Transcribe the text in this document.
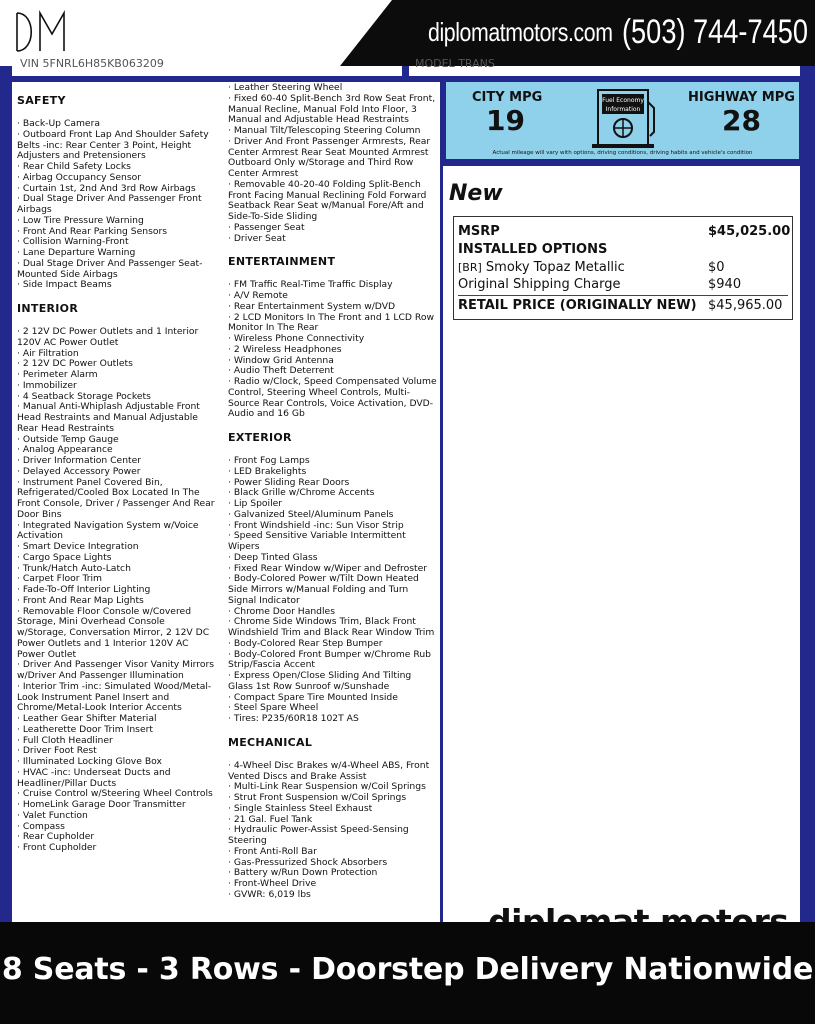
diplomatmotors.com (503) 744-7450
VIN 5FNRL6H85KB063209	MODEL TRANS
SAFETY
· Back-Up Camera
· Outboard Front Lap And Shoulder Safety Belts -inc: Rear Center 3 Point, Height Adjusters and Pretensioners
· Rear Child Safety Locks
· Airbag Occupancy Sensor
· Curtain 1st, 2nd And 3rd Row Airbags
· Dual Stage Driver And Passenger Front Airbags
· Low Tire Pressure Warning
· Front And Rear Parking Sensors
· Collision Warning-Front
· Lane Departure Warning
· Dual Stage Driver And Passenger Seat-Mounted Side Airbags
· Side Impact Beams
INTERIOR
· 2 12V DC Power Outlets and 1 Interior 120V AC Power Outlet
· Air Filtration
· 2 12V DC Power Outlets
· Perimeter Alarm
· Immobilizer
· 4 Seatback Storage Pockets
· Manual Anti-Whiplash Adjustable Front Head Restraints and Manual Adjustable Rear Head Restraints
· Outside Temp Gauge
· Analog Appearance
· Driver Information Center
· Delayed Accessory Power
· Instrument Panel Covered Bin, Refrigerated/Cooled Box Located In The Front Console, Driver / Passenger And Rear Door Bins
· Integrated Navigation System w/Voice Activation
· Smart Device Integration
· Cargo Space Lights
· Trunk/Hatch Auto-Latch
· Carpet Floor Trim
· Fade-To-Off Interior Lighting
· Front And Rear Map Lights
· Removable Floor Console w/Covered Storage, Mini Overhead Console w/Storage, Conversation Mirror, 2 12V DC Power Outlets and 1 Interior 120V AC Power Outlet
· Driver And Passenger Visor Vanity Mirrors w/Driver And Passenger Illumination
· Interior Trim -inc: Simulated Wood/Metal-Look Instrument Panel Insert and Chrome/Metal-Look Interior Accents
· Leather Gear Shifter Material
· Leatherette Door Trim Insert
· Full Cloth Headliner
· Driver Foot Rest
· Illuminated Locking Glove Box
· HVAC -inc: Underseat Ducts and Headliner/Pillar Ducts
· Cruise Control w/Steering Wheel Controls
· HomeLink Garage Door Transmitter
· Valet Function
· Compass
· Rear Cupholder
· Front Cupholder
· Leather Steering Wheel
· Fixed 60-40 Split-Bench 3rd Row Seat Front, Manual Recline, Manual Fold Into Floor, 3 Manual and Adjustable Head Restraints
· Manual Tilt/Telescoping Steering Column
· Driver And Front Passenger Armrests, Rear Center Armrest Rear Seat Mounted Armrest Outboard Only w/Storage and Third Row Center Armrest
· Removable 40-20-40 Folding Split-Bench Front Facing Manual Reclining Fold Forward Seatback Rear Seat w/Manual Fore/Aft and Side-To-Side Sliding
· Passenger Seat
· Driver Seat
ENTERTAINMENT
· FM Traffic Real-Time Traffic Display
· A/V Remote
· Rear Entertainment System w/DVD
· 2 LCD Monitors In The Front and 1 LCD Row Monitor In The Rear
· Wireless Phone Connectivity
· 2 Wireless Headphones
· Window Grid Antenna
· Audio Theft Deterrent
· Radio w/Clock, Speed Compensated Volume Control, Steering Wheel Controls, Multi-Source Rear Controls, Voice Activation, DVD-Audio and 16 Gb
EXTERIOR
· Front Fog Lamps
· LED Brakelights
· Power Sliding Rear Doors
· Black Grille w/Chrome Accents
· Lip Spoiler
· Galvanized Steel/Aluminum Panels
· Front Windshield -inc: Sun Visor Strip
· Speed Sensitive Variable Intermittent Wipers
· Deep Tinted Glass
· Fixed Rear Window w/Wiper and Defroster
· Body-Colored Power w/Tilt Down Heated Side Mirrors w/Manual Folding and Turn Signal Indicator
· Chrome Door Handles
· Chrome Side Windows Trim, Black Front Windshield Trim and Black Rear Window Trim
· Body-Colored Rear Step Bumper
· Body-Colored Front Bumper w/Chrome Rub Strip/Fascia Accent
· Express Open/Close Sliding And Tilting Glass 1st Row Sunroof w/Sunshade
· Compact Spare Tire Mounted Inside
· Steel Spare Wheel
· Tires: P235/60R18 102T AS
MECHANICAL
· 4-Wheel Disc Brakes w/4-Wheel ABS, Front Vented Discs and Brake Assist
· Multi-Link Rear Suspension w/Coil Springs
· Strut Front Suspension w/Coil Springs
· Single Stainless Steel Exhaust
· 21 Gal. Fuel Tank
· Hydraulic Power-Assist Speed-Sensing Steering
· Front Anti-Roll Bar
· Gas-Pressurized Shock Absorbers
· Battery w/Run Down Protection
· Front-Wheel Drive
· GVWR: 6,019 lbs
CITY MPG
19
Fuel Economy
Information
HIGHWAY MPG
28
Actual mileage will vary with options, driving conditions, driving habits and vehicle's condition
New
MSRP	$45,025.00
INSTALLED OPTIONS
[BR] Smoky Topaz Metallic	$0
Original Shipping Charge	$940
RETAIL PRICE (ORIGINALLY NEW) $45,965.00
8 Seats - 3 Rows - Doorstep Delivery Nationwide
